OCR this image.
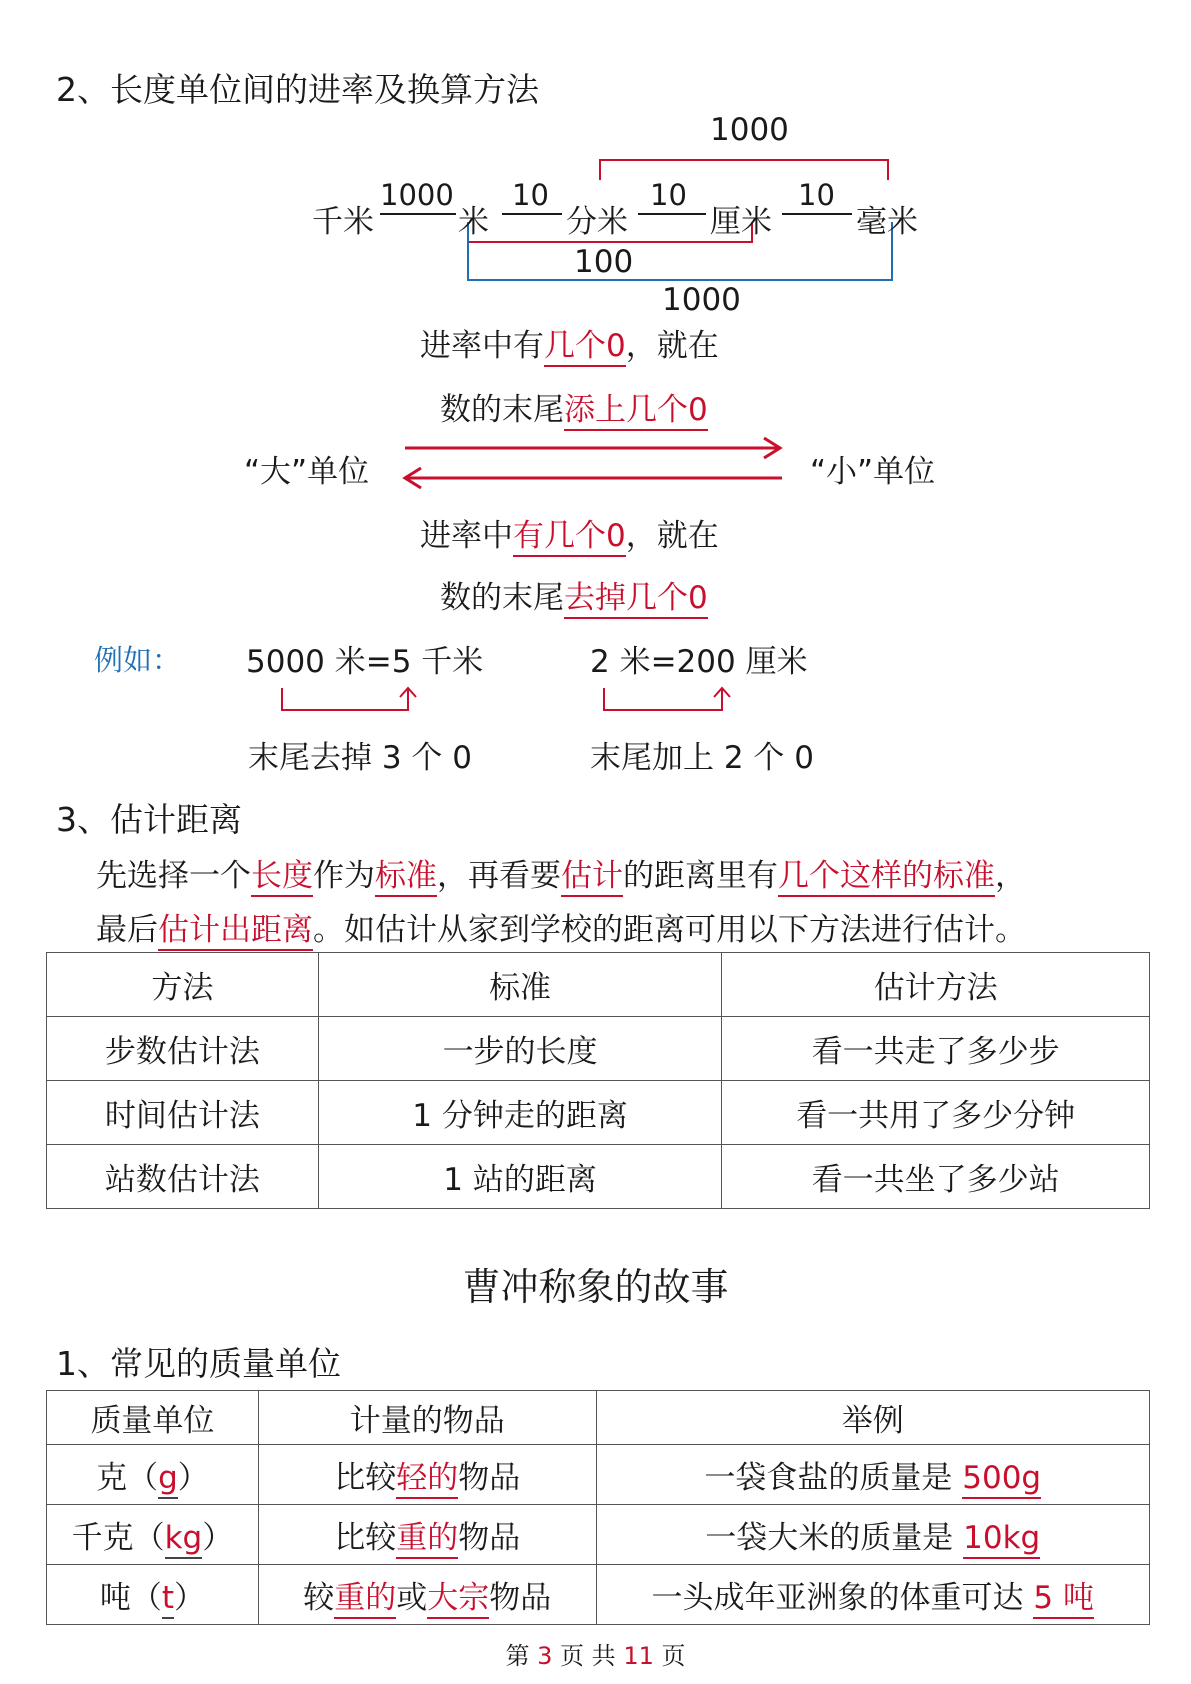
2、长度单位间的进率及换算方法
1000
千米	米 分米	厘米	毫米
1000 10	10	10
100
1000
进率中有几个0，就在
数的末尾添上几个0
“大”单位	“小”单位
进率中有几个0，就在
数的末尾去掉几个0
例如： 5000 米=5 千米	2 米=200 厘米
末尾去掉 3 个 0	末尾加上 2 个 0
3、估计距离
先选择一个长度作为标准，再看要估计的距离里有几个这样的标准，
最后估计出距离。如估计从家到学校的距离可用以下方法进行估计。
方法	标准	估计方法
步数估计法	一步的长度	看一共走了多少步
时间估计法	1 分钟走的距离	看一共用了多少分钟
站数估计法	1 站的距离	看一共坐了多少站
曹冲称象的故事
1、常见的质量单位
质量单位	计量的物品	举例
克（g）	比较轻的物品	一袋食盐的质量是 500g
千克（kg）	比较重的物品	一袋大米的质量是 10kg
吨（t）	较重的或大宗物品	一头成年亚洲象的体重可达 5 吨
第 3 页 共 11 页
